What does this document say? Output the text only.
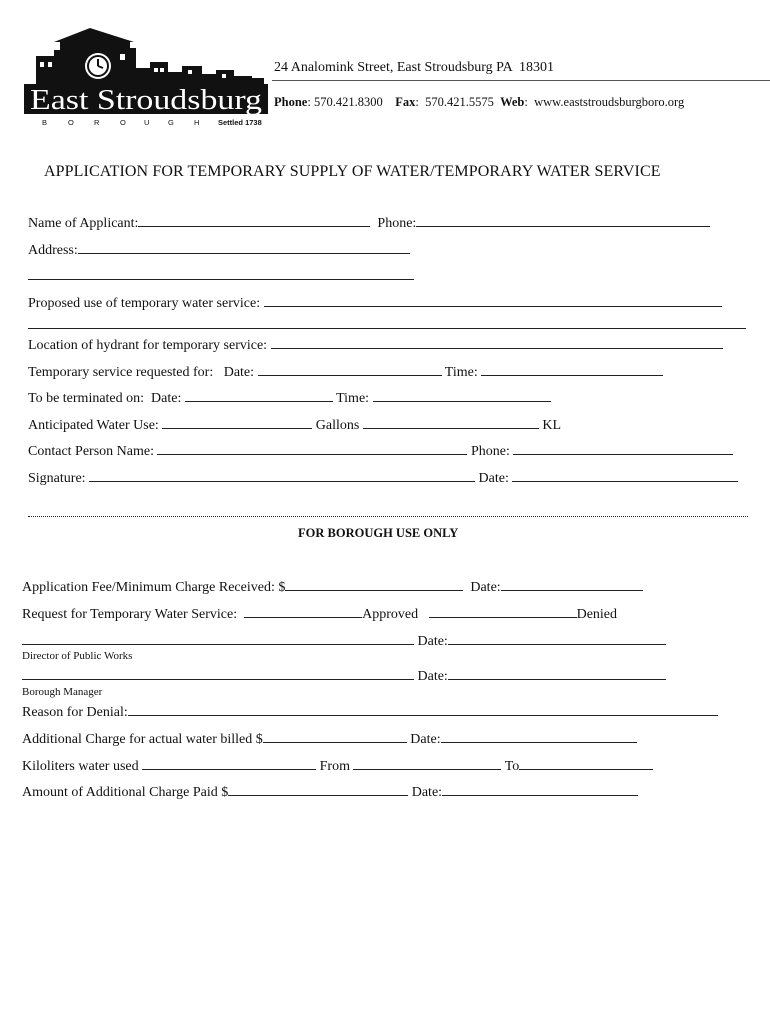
East Stroudsburg
B	O	R	O U G	H Settled 1738
24 Analomink Street, East Stroudsburg PA  18301
Phone: 570.421.8300 Fax:  570.421.5575 Web:  www.eaststroudsburgboro.org
APPLICATION FOR TEMPORARY SUPPLY OF WATER/TEMPORARY WATER SERVICE
Name of Applicant:	Phone:
Address:
Proposed use of temporary water service:
Location of hydrant for temporary service:
Temporary service requested for:   Date:	Time:
To be terminated on:  Date:	Time:
Anticipated Water Use:	Gallons	KL
Contact Person Name:	Phone:
Signature:	Date:
FOR BOROUGH USE ONLY
Application Fee/Minimum Charge Received: $	Date:
Request for Temporary Water Service:	Approved	Denied
Date:
Director of Public Works
Date:
Borough Manager
Reason for Denial:
Additional Charge for actual water billed $	Date:
Kiloliters water used	From	To
Amount of Additional Charge Paid $	Date:
